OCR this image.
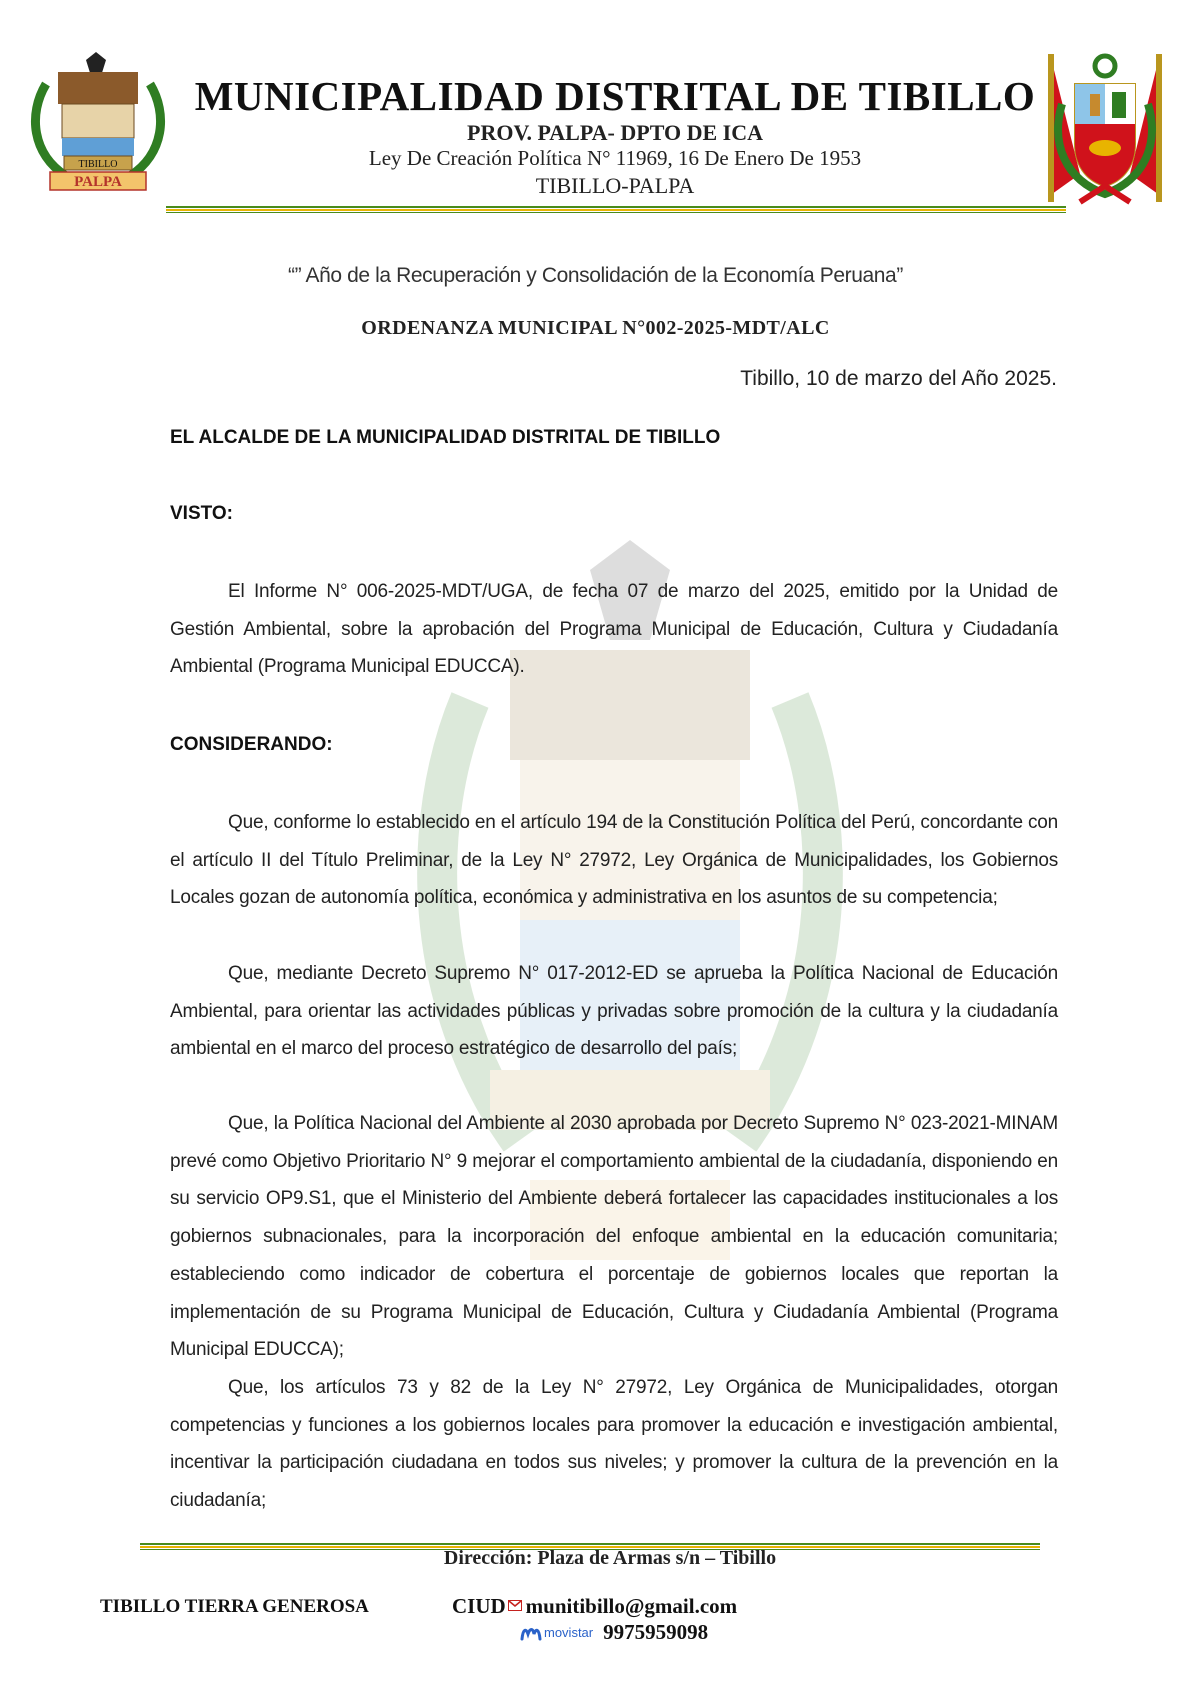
TIBILLO
PALPA
MUNICIPALIDAD DISTRITAL DE TIBILLO
PROV. PALPA- DPTO DE ICA
Ley De Creación Política N° 11969, 16 De Enero De 1953
TIBILLO-PALPA
“” Año de la Recuperación y Consolidación de la Economía Peruana”
ORDENANZA MUNICIPAL N°002-2025-MDT/ALC
Tibillo, 10 de marzo del Año 2025.
EL ALCALDE DE LA MUNICIPALIDAD DISTRITAL DE TIBILLO
VISTO:

El Informe N° 006-2025-MDT/UGA, de fecha 07 de marzo del 2025, emitido por la Unidad de Gestión Ambiental, sobre la aprobación del Programa Municipal de Educación, Cultura y Ciudadanía Ambiental (Programa Municipal EDUCCA).

CONSIDERANDO:

Que, conforme lo establecido en el artículo 194 de la Constitución Política del Perú, concordante con el artículo II del Título Preliminar, de la Ley N° 27972, Ley Orgánica de Municipalidades, los Gobiernos Locales gozan de autonomía política, económica y administrativa en los asuntos de su competencia;

Que, mediante Decreto Supremo N° 017-2012-ED se aprueba la Política Nacional de Educación Ambiental, para orientar las actividades públicas y privadas sobre promoción de la cultura y la ciudadanía ambiental en el marco del proceso estratégico de desarrollo del país;

Que, la Política Nacional del Ambiente al 2030 aprobada por Decreto Supremo N° 023-2021-MINAM prevé como Objetivo Prioritario N° 9 mejorar el comportamiento ambiental de la ciudadanía, disponiendo en su servicio OP9.S1, que el Ministerio del Ambiente deberá fortalecer las capacidades institucionales a los gobiernos subnacionales, para la incorporación del enfoque ambiental en la educación comunitaria; estableciendo como indicador de cobertura el porcentaje de gobiernos locales que reportan la implementación de su Programa Municipal de Educación, Cultura y Ciudadanía Ambiental (Programa Municipal EDUCCA);

Que, los artículos 73 y 82 de la Ley N° 27972, Ley Orgánica de Municipalidades, otorgan competencias y funciones a los gobiernos locales para promover la educación e investigación ambiental, incentivar la participación ciudadana en todos sus niveles; y promover la cultura de la prevención en la ciudadanía;

Dirección: Plaza de Armas s/n – Tibillo
TIBILLO TIERRA GENEROSA	CIUD munitibillo@gmail.com
movistar 9975959098
